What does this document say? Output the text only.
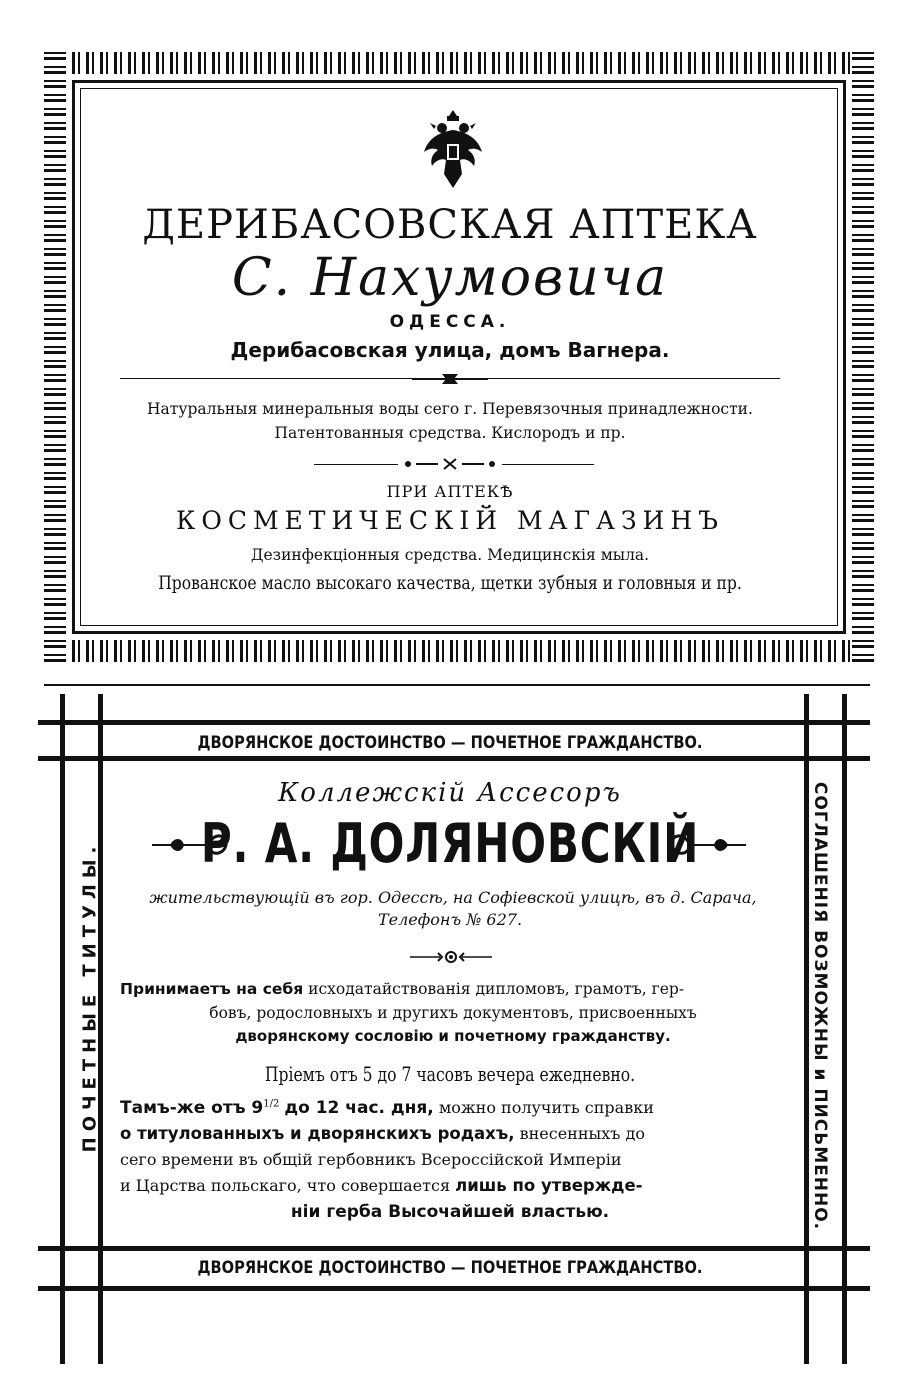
ДЕРИБАСОВСКАЯ АПТЕКА
С. Нахумовича
ОДЕССА.
Дерибасовская улица, домъ Вагнера.
Натуральныя минеральныя воды сего г. Перевязочныя принадлежности.
Патентованныя средства. Кислородъ и пр.
ПРИ АПТЕКѢ
КОСМЕТИЧЕСКІЙ МАГАЗИНЪ
Дезинфекціонныя средства. Медицинскія мыла.
Прованское масло высокаго качества, щетки зубныя и головныя и пр.
ДВОРЯНСКОЕ ДОСТОИНСТВО — ПОЧЕТНОЕ ГРАЖДАНСТВО.
ДВОРЯНСКОЕ ДОСТОИНСТВО — ПОЧЕТНОЕ ГРАЖДАНСТВО.
ПОЧЕТНЫЕ ТИТУЛЫ.	СОГЛАШЕНІЯ ВОЗМОЖНЫ и ПИСЬМЕННО.
Коллежскій Ассесоръ
Р. А. ДОЛЯНОВСКІЙ
жительствующій въ гор. Одессѣ, на Софіевской улицѣ, въ д. Сарача,
Телефонъ № 627.
Принимаетъ на себя исходатайствованія дипломовъ, грамотъ, гер-
бовъ, родословныхъ и другихъ документовъ, присвоенныхъ
дворянскому сословію и почетному гражданству.
Пріемъ отъ 5 до 7 часовъ вечера ежедневно.
Тамъ-же отъ $9^{1/2}$ до 12 час. дня, можно получить справки
о титулованныхъ и дворянскихъ родахъ, внесенныхъ до
сего времени въ общій гербовникъ Всероссійской Имперіи
и Царства польскаго, что совершается лишь по утвержде-
ніи герба Высочайшей властью.
